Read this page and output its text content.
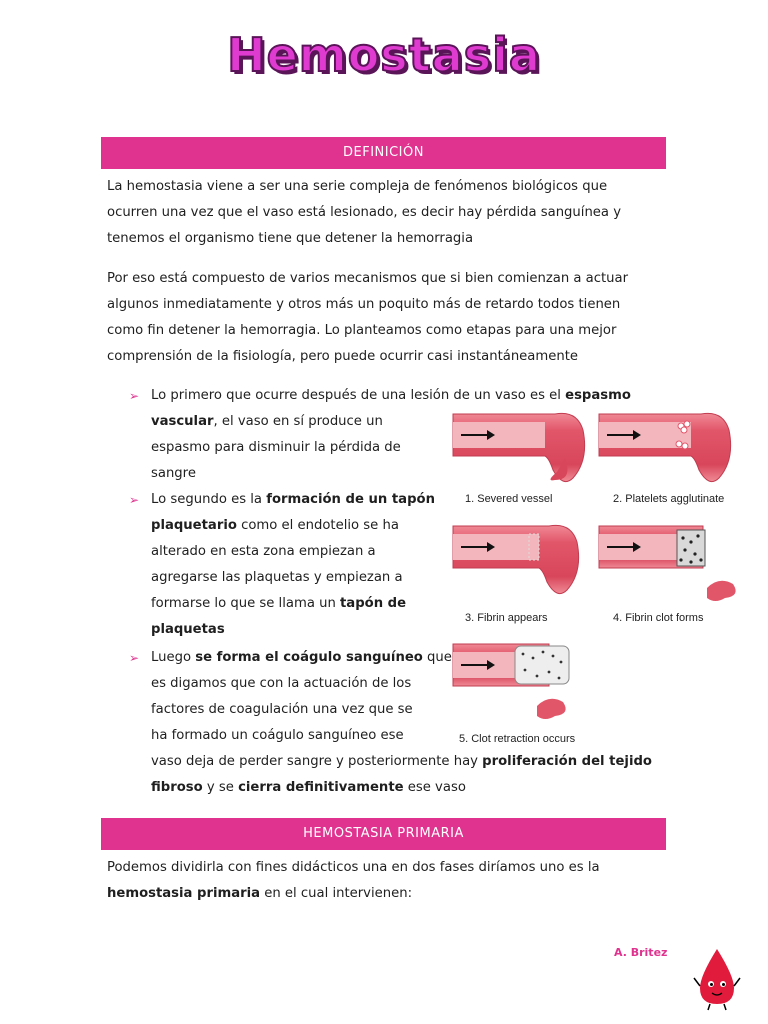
Hemostasia
DEFINICIÓN
La hemostasia viene a ser una serie compleja de fenómenos biológicos que
ocurren una vez que el vaso está lesionado, es decir hay pérdida sanguínea y
tenemos el organismo tiene que detener la hemorragia
Por eso está compuesto de varios mecanismos que si bien comienzan a actuar
algunos inmediatamente y otros más un poquito más de retardo todos tienen
como fin detener la hemorragia. Lo planteamos como etapas para una mejor
comprensión de la fisiología, pero puede ocurrir casi instantáneamente
➢ Lo primero que ocurre después de una lesión de un vaso es el espasmo
vascular, el vaso en sí produce un
espasmo para disminuir la pérdida de
sangre
➢ Lo segundo es la formación de un tapón
plaquetario como el endotelio se ha
alterado en esta zona empiezan a
agregarse las plaquetas y empiezan a
formarse lo que se llama un tapón de
plaquetas
➢ Luego se forma el coágulo sanguíneo que
es digamos que con la actuación de los
factores de coagulación una vez que se
ha formado un coágulo sanguíneo ese
vaso deja de perder sangre y posteriormente hay proliferación del tejido
fibroso y se cierra definitivamente ese vaso
1. Severed vessel	2. Platelets agglutinate
3. Fibrin appears	4. Fibrin clot forms
5. Clot retraction occurs
HEMOSTASIA PRIMARIA
Podemos dividirla con fines didácticos una en dos fases diríamos uno es la
hemostasia primaria en el cual intervienen:
A. Britez
